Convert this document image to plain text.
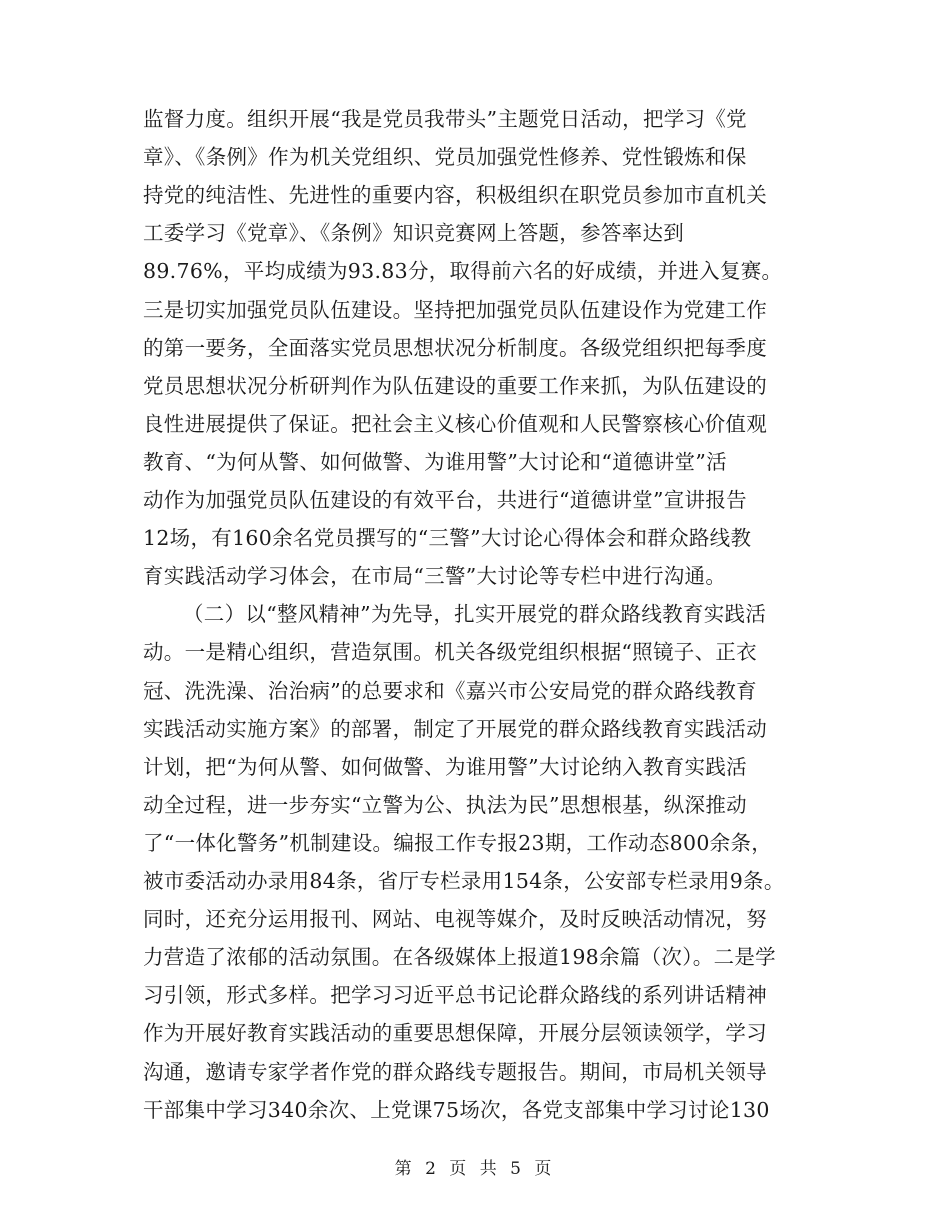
监督力度。组织开展“我是党员我带头”主题党日活动，把学习《党
章》、《条例》作为机关党组织、党员加强党性修养、党性锻炼和保
持党的纯洁性、先进性的重要内容，积极组织在职党员参加市直机关
工委学习《党章》、《条例》知识竞赛网上答题，参答率达到
89.76%，平均成绩为93.83分，取得前六名的好成绩，并进入复赛。
三是切实加强党员队伍建设。坚持把加强党员队伍建设作为党建工作
的第一要务，全面落实党员思想状况分析制度。各级党组织把每季度
党员思想状况分析研判作为队伍建设的重要工作来抓，为队伍建设的
良性进展提供了保证。把社会主义核心价值观和人民警察核心价值观
教育、“为何从警、如何做警、为谁用警”大讨论和“道德讲堂”活
动作为加强党员队伍建设的有效平台，共进行“道德讲堂”宣讲报告
12场，有160余名党员撰写的“三警”大讨论心得体会和群众路线教
育实践活动学习体会，在市局“三警”大讨论等专栏中进行沟通。
（二）以“整风精神”为先导，扎实开展党的群众路线教育实践活
动。一是精心组织，营造氛围。机关各级党组织根据“照镜子、正衣
冠、洗洗澡、治治病”的总要求和《嘉兴市公安局党的群众路线教育
实践活动实施方案》的部署，制定了开展党的群众路线教育实践活动
计划，把“为何从警、如何做警、为谁用警”大讨论纳入教育实践活
动全过程，进一步夯实“立警为公、执法为民”思想根基，纵深推动
了“一体化警务”机制建设。编报工作专报23期，工作动态800余条，
被市委活动办录用84条，省厅专栏录用154条，公安部专栏录用9条。
同时，还充分运用报刊、网站、电视等媒介，及时反映活动情况，努
力营造了浓郁的活动氛围。在各级媒体上报道198余篇（次）。二是学
习引领，形式多样。把学习习近平总书记论群众路线的系列讲话精神
作为开展好教育实践活动的重要思想保障，开展分层领读领学，学习
沟通，邀请专家学者作党的群众路线专题报告。期间，市局机关领导
干部集中学习340余次、上党课75场次，各党支部集中学习讨论130
第 2 页 共 5 页
